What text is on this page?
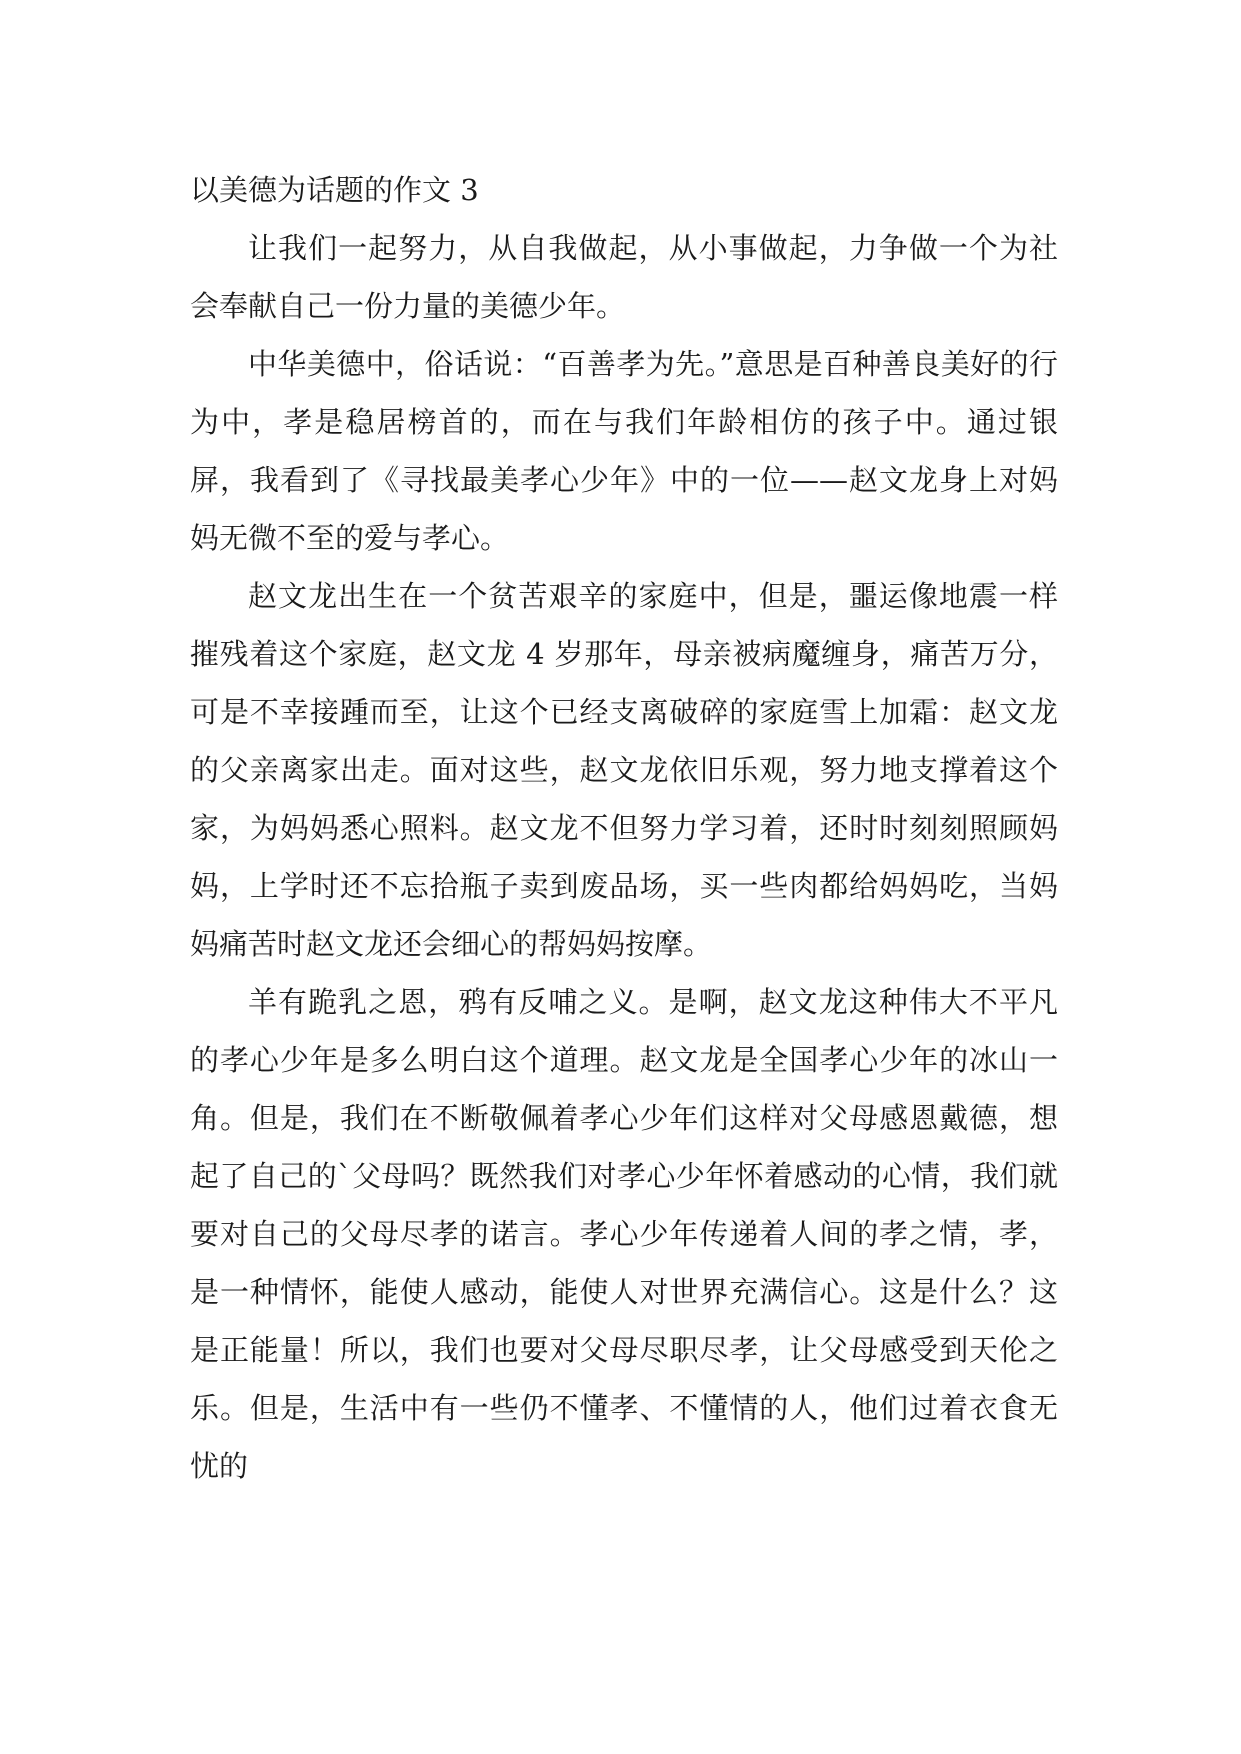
以美德为话题的作文 3

让我们一起努力，从自我做起，从小事做起，力争做一个为社会奉献自己一份力量的美德少年。

中华美德中，俗话说：“百善孝为先。”意思是百种善良美好的行为中，孝是稳居榜首的，而在与我们年龄相仿的孩子中。通过银屏，我看到了《寻找最美孝心少年》中的一位——赵文龙身上对妈妈无微不至的爱与孝心。

赵文龙出生在一个贫苦艰辛的家庭中，但是，噩运像地震一样摧残着这个家庭，赵文龙 4 岁那年，母亲被病魔缠身，痛苦万分，可是不幸接踵而至，让这个已经支离破碎的家庭雪上加霜：赵文龙的父亲离家出走。面对这些，赵文龙依旧乐观，努力地支撑着这个家，为妈妈悉心照料。赵文龙不但努力学习着，还时时刻刻照顾妈妈，上学时还不忘拾瓶子卖到废品场，买一些肉都给妈妈吃，当妈妈痛苦时赵文龙还会细心的帮妈妈按摩。

羊有跪乳之恩，鸦有反哺之义。是啊，赵文龙这种伟大不平凡的孝心少年是多么明白这个道理。赵文龙是全国孝心少年的冰山一角。但是，我们在不断敬佩着孝心少年们这样对父母感恩戴德，想起了自己的`父母吗？既然我们对孝心少年怀着感动的心情，我们就要对自己的父母尽孝的诺言。孝心少年传递着人间的孝之情，孝，是一种情怀，能使人感动，能使人对世界充满信心。这是什么？这是正能量！所以，我们也要对父母尽职尽孝，让父母感受到天伦之乐。但是，生活中有一些仍不懂孝、不懂情的人，他们过着衣食无忧的
